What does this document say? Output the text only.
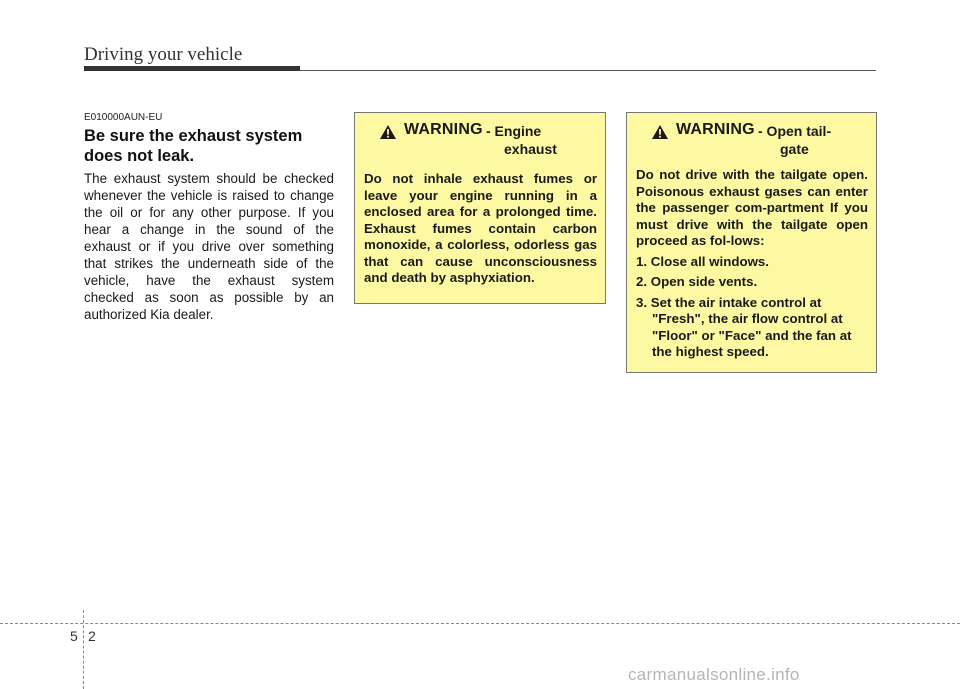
Driving your vehicle
E010000AUN-EU
Be sure the exhaust system does not leak.
The exhaust system should be checked whenever the vehicle is raised to change the oil or for any other purpose. If you hear a change in the sound of the exhaust or if you drive over something that strikes the underneath side of the vehicle, have the exhaust system checked as soon as possible by an authorized Kia dealer.
WARNING - Engine
exhaust
Do not inhale exhaust fumes or leave your engine running in a enclosed area for a prolonged time. Exhaust fumes contain carbon monoxide, a colorless, odorless gas that can cause unconsciousness and death by asphyxiation.
WARNING - Open tail-
gate
Do not drive with the tailgate open. Poisonous exhaust gases can enter the passenger com-partment If you must drive with the tailgate open proceed as fol-lows:
1. Close all windows.
2. Open side vents.
3. Set the air intake control at "Fresh", the air flow control at "Floor" or "Face" and the fan at the highest speed.
5 2
carmanualsonline.info
